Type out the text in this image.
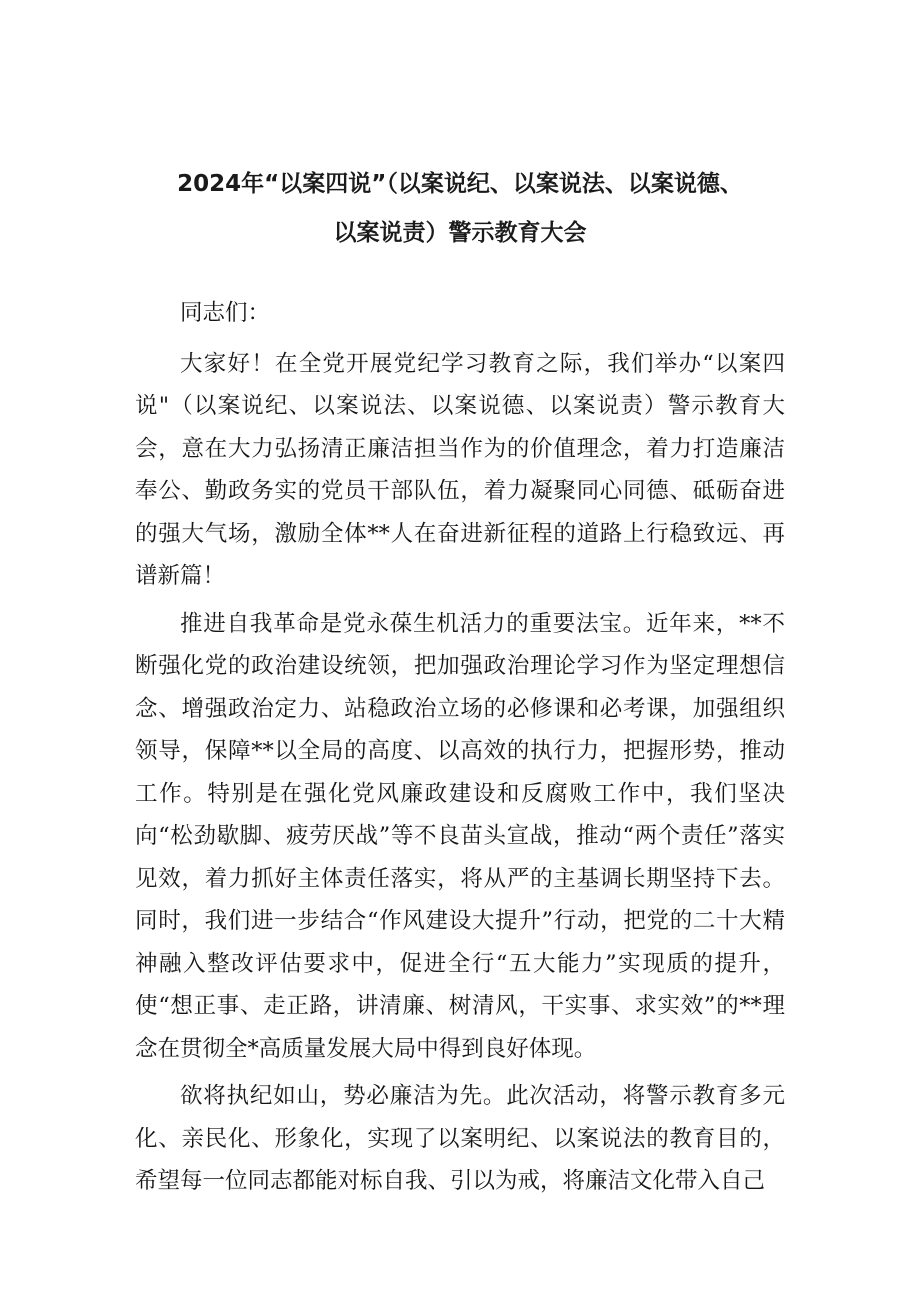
2024年“以案四说”（以案说纪、以案说法、以案说德、
以案说责）警示教育大会

同志们：

大家好！在全党开展党纪学习教育之际，我们举办“以案四说"（以案说纪、以案说法、以案说德、以案说责）警示教育大会，意在大力弘扬清正廉洁担当作为的价值理念，着力打造廉洁奉公、勤政务实的党员干部队伍，着力凝聚同心同德、砥砺奋进的强大气场，激励全体**人在奋进新征程的道路上行稳致远、再谱新篇！

推进自我革命是党永葆生机活力的重要法宝。近年来，**不断强化党的政治建设统领，把加强政治理论学习作为坚定理想信念、增强政治定力、站稳政治立场的必修课和必考课，加强组织领导，保障**以全局的高度、以高效的执行力，把握形势，推动工作。特别是在强化党风廉政建设和反腐败工作中，我们坚决向“松劲歇脚、疲劳厌战”等不良苗头宣战，推动“两个责任”落实见效，着力抓好主体责任落实，将从严的主基调长期坚持下去。同时，我们进一步结合“作风建设大提升”行动，把党的二十大精神融入整改评估要求中，促进全行“五大能力”实现质的提升，使“想正事、走正路，讲清廉、树清风，干实事、求实效”的**理念在贯彻全*高质量发展大局中得到良好体现。

欲将执纪如山，势必廉洁为先。此次活动，将警示教育多元化、亲民化、形象化，实现了以案明纪、以案说法的教育目的，希望每一位同志都能对标自我、引以为戒，将廉洁文化带入自己
